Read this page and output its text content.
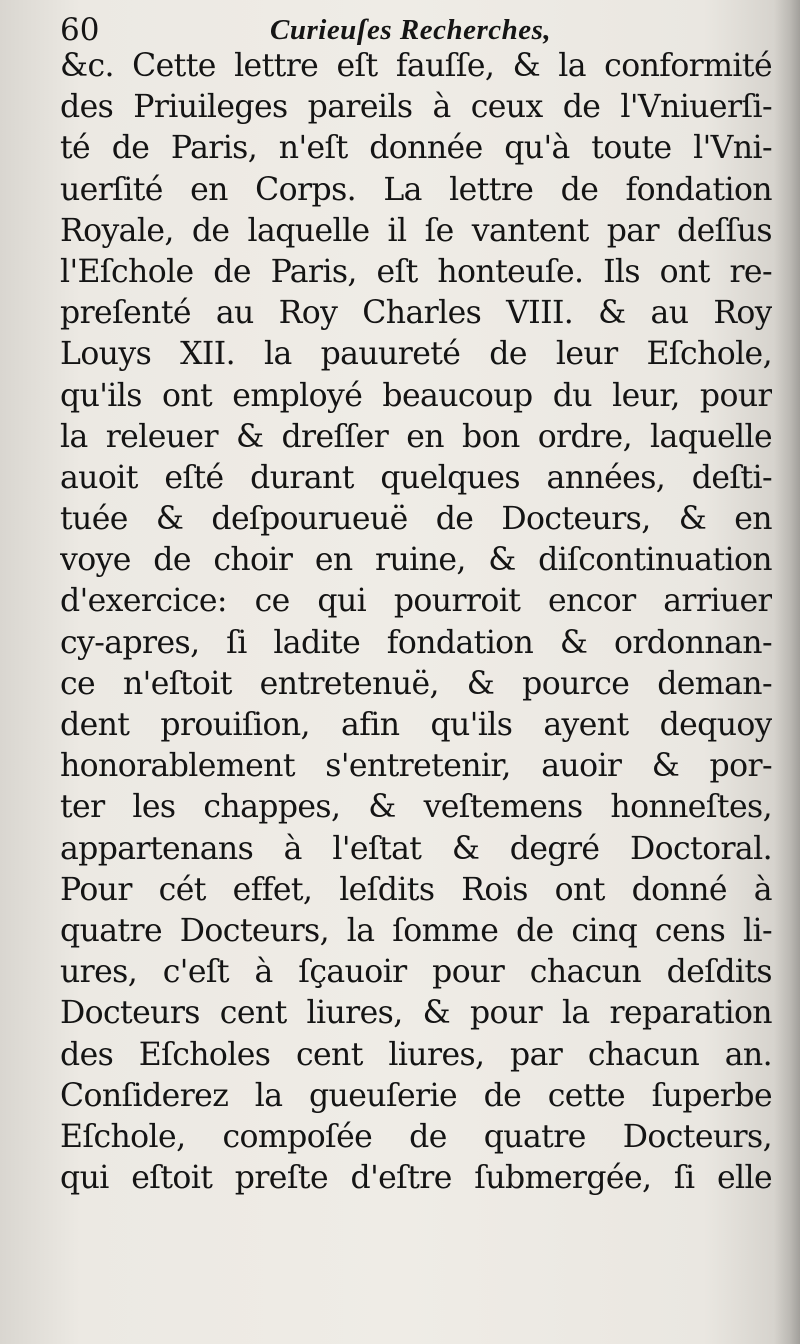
60	Curieuſes Recherches,
&c. Cette lettre eſt fauſſe, & la conformité
des Priuileges pareils à ceux de l'Vniuerſi-
té de Paris, n'eſt donnée qu'à toute l'Vni-
uerſité en Corps. La lettre de fondation
Royale, de laquelle il ſe vantent par deſſus
l'Eſchole de Paris, eſt honteuſe. Ils ont re-
preſenté au Roy Charles VIII. & au Roy
Louys XII. la pauureté de leur Eſchole,
qu'ils ont employé beaucoup du leur, pour
la releuer & dreſſer en bon ordre, laquelle
auoit eſté durant quelques années, deſti-
tuée & deſpourueuë de Docteurs, & en
voye de choir en ruine, & diſcontinuation
d'exercice: ce qui pourroit encor arriuer
cy-apres, ſi ladite fondation & ordonnan-
ce n'eſtoit entretenuë, & pource deman-
dent prouiſion, afin qu'ils ayent dequoy
honorablement s'entretenir, auoir & por-
ter les chappes, & veſtemens honneſtes,
appartenans à l'eſtat & degré Doctoral.
Pour cét effet, leſdits Rois ont donné à
quatre Docteurs, la ſomme de cinq cens li-
ures, c'eſt à ſçauoir pour chacun deſdits
Docteurs cent liures, & pour la reparation
des Eſcholes cent liures, par chacun an.
Conſiderez la gueuſerie de cette ſuperbe
Eſchole, compoſée de quatre Docteurs,
qui eſtoit preſte d'eſtre ſubmergée, ſi elle
